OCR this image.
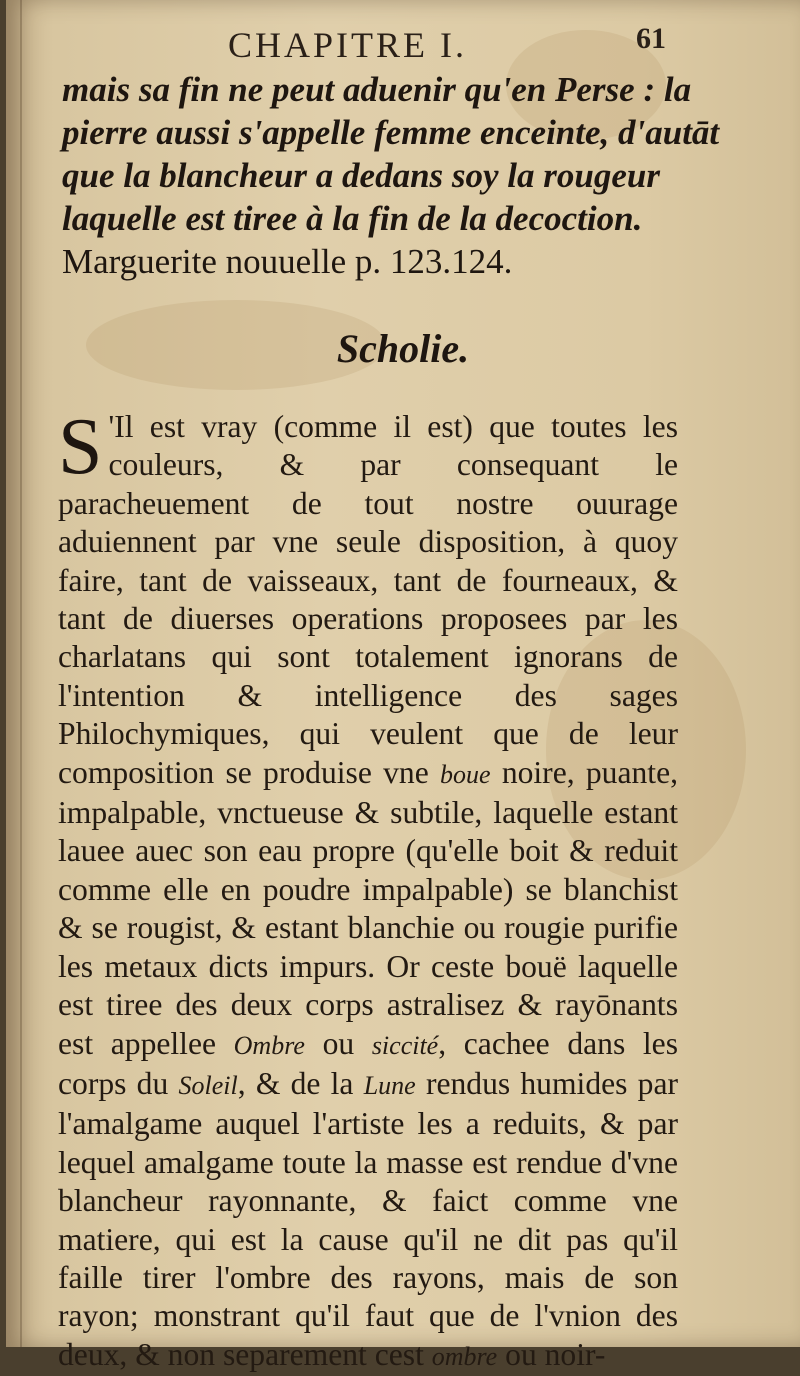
CHAPITRE I.	61
mais sa fin ne peut aduenir qu'en Perse : la pierre aussi s'appelle femme enceinte, d'autāt que la blancheur a dedans soy la rougeur laquelle est tiree à la fin de la decoction. Marguerite nouuelle p. 123.124.
Scholie.
S 'Il est vray (comme il est) que toutes les couleurs, & par consequant le paracheuement de tout nostre ouurage aduiennent par vne seule disposition, à quoy faire, tant de vaisseaux, tant de fourneaux, & tant de diuerses operations proposees par les charlatans qui sont totalement ignorans de l'intention & intelligence des sages Philochymiques, qui veulent que de leur composition se produise vne boue noire, puante, impalpable, vnctueuse & subtile, laquelle estant lauee auec son eau propre (qu'elle boit & reduit comme elle en poudre impalpable) se blanchist & se rougist, & estant blanchie ou rougie purifie les metaux dicts impurs. Or ceste bouë laquelle est tiree des deux corps astralisez & rayōnants est appellee Ombre ou siccité, cachee dans les corps du Soleil, & de la Lune rendus humides par l'amalgame auquel l'artiste les a reduits, & par lequel amalgame toute la masse est rendue d'vne blancheur rayonnante, & faict comme vne matiere, qui est la cause qu'il ne dit pas qu'il faille tirer l'ombre des rayons, mais de son rayon; monstrant qu'il faut que de l'vnion des deux, & non separement cest ombre ou noir-
